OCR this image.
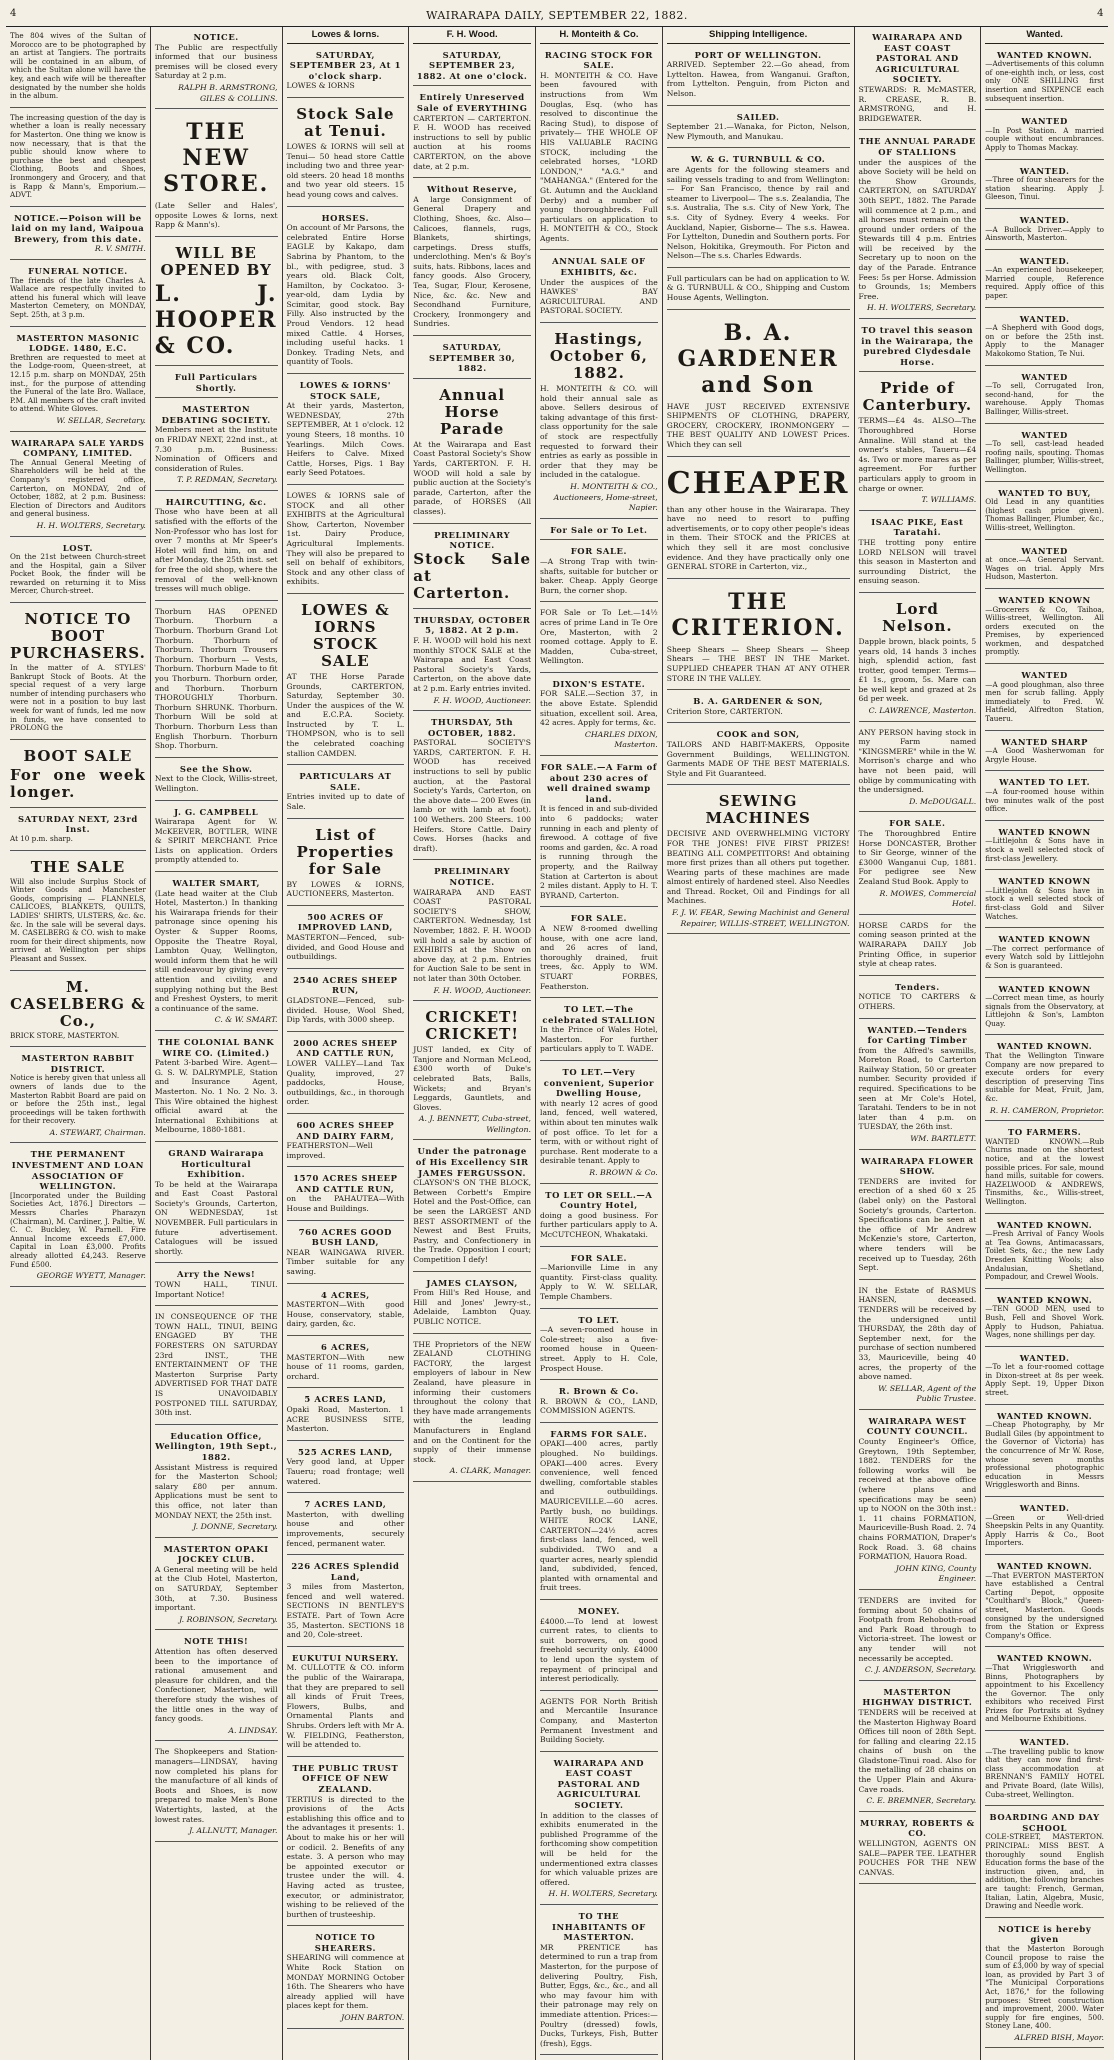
4	WAIRARAPA DAILY, SEPTEMBER 22, 1882.	4

The 804 wives of the Sultan of Morocco are to be photographed by an artist at Tangiers. The portraits will be contained in an album, of which the Sultan alone will have the key, and each wife will be thereafter designated by the number she holds in the album.

The increasing question of the day is whether a loan is really necessary for Masterton. One thing we know is now necessary, that is that the public should know where to purchase the best and cheapest Clothing, Boots and Shoes, Ironmongery and Grocery, and that is Rapp & Mann's, Emporium.—ADVT.

NOTICE.—Poison will be laid on my land, Waipoua Brewery, from this date.
R. V. SMITH.
FUNERAL NOTICE.

The friends of the late Charles A. Wallace are respectfully invited to attend his funeral which will leave Masterton Cemetery, on MONDAY, Sept. 25th, at 3 p.m.

MASTERTON MASONIC LODGE. 1480, E.C.

Brethren are requested to meet at the Lodge-room, Queen-street, at 12.15 p.m. sharp on MONDAY, 25th inst., for the purpose of attending the Funeral of the late Bro. Wallace, P.M. All members of the craft invited to attend. White Gloves.

W. SELLAR, Secretary.
WAIRARAPA SALE YARDS COMPANY, LIMITED.

The Annual General Meeting of Shareholders will be held at the Company's registered office, Carterton, on MONDAY, 2nd of October, 1882, at 2 p.m. Business: Election of Directors and Auditors and general business.

H. H. WOLTERS, Secretary.
LOST.

On the 21st between Church-street and the Hospital, gain a Silver Pocket Book, the finder will be rewarded on returning it to Miss Mercer, Church-street.

NOTICE TO BOOT PURCHASERS.

In the matter of A. STYLES' Bankrupt Stock of Boots. At the special request of a very large number of intending purchasers who were not in a position to buy last week for want of funds, led me now in funds, we have consented to PROLONG the

BOOT SALE

For one week longer.

SATURDAY NEXT, 23rd Inst.

At 10 p.m. sharp.

THE SALE

Will also include Surplus Stock of Winter Goods and Manchester Goods, comprising — FLANNELS, CALICOES, BLANKETS, QUILTS, LADIES' SHIRTS, ULSTERS, &c. &c. &c. In the sale will be several days. M. CASELBERG & CO. wish to make room for their direct shipments, now arrived at Wellington per ships Pleasant and Sussex.

M. CASELBERG & Co.,

BRICK STORE, MASTERTON.

MASTERTON RABBIT DISTRICT.

Notice is hereby given that unless all owners of lands due to the Masterton Rabbit Board are paid on or before the 25th inst., legal proceedings will be taken forthwith for their recovery.

A. STEWART, Chairman.
THE PERMANENT INVESTMENT AND LOAN ASSOCIATION OF WELLINGTON.

[Incorporated under the Building Societies Act, 1876.] Directors — Messrs Charles Pharazyn (Chairman), M. Cardiner, J. Paltie, W. C. C. Buckley, W. Parnell. Fire Annual Income exceeds £7,000. Capital in Loan £3,000. Profits already allotted £4,243. Reserve Fund £500.

GEORGE WYETT, Manager.
NOTICE.

The Public are respectfully informed that our business premises will be closed every Saturday at 2 p.m.

RALPH B. ARMSTRONG, GILES & COLLINS.
THE NEW STORE.

(Late Seller and Hales', opposite Lowes & Iorns, next Rapp & Mann's).

WILL BE OPENED BY

L. J. HOOPER & CO.

Full Particulars Shortly.
MASTERTON DEBATING SOCIETY.

Members meet at the Institute on FRIDAY NEXT, 22nd inst., at 7.30 p.m. Business: Nomination of Officers and consideration of Rules.

T. P. REDMAN, Secretary.
HAIRCUTTING, &c.

Those who have been at all satisfied with the efforts of the Non-Professor who has lost for over 7 months at Mr Speer's Hotel will find him, on and after Monday, the 25th inst. set for free the old shop, where the removal of the well-known tresses will much oblige.

Thorburn HAS OPENED Thorburn. Thorburn a Thorburn. Thorburn Grand Lot Thorburn. Thorburn of Thorburn. Thorburn Trousers Thorburn. Thorburn — Vests, Thorburn. Thorburn Made to fit you Thorburn. Thorburn order, and Thorburn. Thorburn THOROUGHLY Thorburn. Thorburn SHRUNK. Thorburn. Thorburn Will be sold at Thorburn. Thorburn Less than English Thorburn. Thorburn Shop. Thorburn.

See the Show.

Next to the Clock, Willis-street, Wellington.

J. G. CAMPBELL

Wairarapa Agent for W. McKEEVER, BOTTLER, WINE & SPIRIT MERCHANT. Price Lists on application. Orders promptly attended to.

WALTER SMART,

(Late head waiter at the Club Hotel, Masterton.) In thanking his Wairarapa friends for their patronage since opening his Oyster & Supper Rooms, Opposite the Theatre Royal, Lambton Quay, Wellington, would inform them that he will still endeavour by giving every attention and civility, and supplying nothing but the Best and Freshest Oysters, to merit a continuance of the same.

C. & W. SMART.
THE COLONIAL BANK WIRE CO. (Limited.)

Patent 3-barbed Wire. Agent—G. S. W. DALRYMPLE, Station and Insurance Agent, Masterton. No. 1 No. 2 No. 3. This Wire obtained the highest official award at the International Exhibitions at Melbourne, 1880-1881.

GRAND Wairarapa Horticultural Exhibition.

To be held at the Wairarapa and East Coast Pastoral Society's Grounds, Carterton, ON WEDNESDAY, 1st NOVEMBER. Full particulars in future advertisement. Catalogues will be issued shortly.

Arry the News!

TOWN HALL, TINUI. Important Notice!

IN CONSEQUENCE OF THE TOWN HALL, TINUI, BEING ENGAGED BY THE FORESTERS ON SATURDAY 23rd INST., THE ENTERTAINMENT OF THE Masterton Surprise Party ADVERTISED FOR THAT DATE IS UNAVOIDABLY POSTPONED TILL SATURDAY, 30th inst.

Education Office, Wellington, 19th Sept., 1882.

Assistant Mistress is required for the Masterton School; salary £80 per annum. Applications must be sent to this office, not later than MONDAY NEXT, the 25th inst.

J. DONNE, Secretary.
MASTERTON OPAKI JOCKEY CLUB.

A General meeting will be held at the Club Hotel, Masterton, on SATURDAY, September 30th, at 7.30. Business important.

J. ROBINSON, Secretary.
NOTE THIS!

Attention has often deserved been to the importance of rational amusement and pleasure for children, and the Confectioner, Masterton, will therefore study the wishes of the little ones in the way of fancy goods.

A. LINDSAY.

The Shopkeepers and Station-managers—LINDSAY, having now completed his plans for the manufacture of all kinds of Boots and Shoes, is now prepared to make Men's Bone Watertights, lasted, at the lowest rates.

J. ALLNUTT, Manager.
Lowes & Iorns.
SATURDAY, SEPTEMBER 23, At 1 o'clock sharp.

LOWES & IORNS

Stock Sale at Tenui.

LOWES & IORNS will sell at Tenui— 50 head store Cattle including two and three year-old steers. 20 head 18 months and two year old steers. 15 head young cows and calves.

HORSES.

On account of Mr Parsons, the celebrated Entire Horse EAGLE by Kakapo, dam Sabrina by Phantom, to the bl., with pedigree, stud. 3 years old. Black Colt, Hamilton, by Cockatoo. 3-year-old, dam Lydia by Scimitar, good stock. Bay Filly. Also instructed by the Proud Vendors. 12 head mixed Cattle. 4 Horses, including useful hacks. 1 Donkey. Trading Nets, and quantity of Tools.

LOWES & IORNS' STOCK SALE,

At their yards, Masterton, WEDNESDAY, 27th SEPTEMBER, At 1 o'clock. 12 young Steers, 18 months. 10 Yearlings. Milch Cows. Heifers to Calve. Mixed Cattle, Horses, Pigs. 1 Bay early Seed Potatoes.

LOWES & IORNS sale of STOCK and all other EXHIBITS at the Agricultural Show, Carterton, November 1st. Dairy Produce, Agricultural Implements. They will also be prepared to sell on behalf of exhibitors, Stock and any other class of exhibits.

LOWES & IORNS STOCK SALE

AT THE Horse Parade Grounds, CARTERTON, Saturday, September 30. Under the auspices of the W. and E.C.P.A. Society. Instructed by T. L. THOMPSON, who is to sell the celebrated coaching stallion CAMDEN.

PARTICULARS AT SALE.

Entries invited up to date of Sale.

List of Properties for Sale

BY LOWES & IORNS, AUCTIONEERS, Masterton.

500 ACRES OF IMPROVED LAND,

MASTERTON—Fenced, sub-divided, and Good House and outbuildings.

2540 ACRES SHEEP RUN,

GLADSTONE—Fenced, sub-divided. House, Wool Shed, Dip Yards, with 3000 sheep.

2000 ACRES SHEEP AND CATTLE RUN,

LOWER VALLEY—Land Tax Quality, improved, 27 paddocks, House, outbuildings, &c., in thorough order.

600 ACRES SHEEP AND DAIRY FARM,

FEATHERSTON—Well improved.

1570 ACRES SHEEP AND CATTLE RUN,

on the PAHAUTEA—With House and Buildings.

760 ACRES GOOD BUSH LAND,

NEAR WAINGAWA RIVER. Timber suitable for any sawing.

4 ACRES,

MASTERTON—With good House, conservatory, stable, dairy, garden, &c.

6 ACRES,

MASTERTON—With new house of 11 rooms, garden, orchard.

5 ACRES LAND,

Opaki Road, Masterton. 1 ACRE BUSINESS SITE, Masterton.

525 ACRES LAND,

Very good land, at Upper Taueru; road frontage; well watered.

7 ACRES LAND,

Masterton, with dwelling house and other improvements, securely fenced, permanent water.

226 ACRES Splendid Land,

3 miles from Masterton, fenced and well watered. SECTIONS IN BENTLEY'S ESTATE. Part of Town Acre 35, Masterton. SECTIONS 18 and 20, Cole-street.

EUKUTUI NURSERY.

M. CULLOTTE & CO. inform the public of the Wairarapa, that they are prepared to sell all kinds of Fruit Trees, Flowers, Bulbs, and Ornamental Plants and Shrubs. Orders left with Mr A. W. FIELDING, Featherston, will be attended to.

THE PUBLIC TRUST OFFICE OF NEW ZEALAND.

TERTIUS is directed to the provisions of the Acts establishing this office and to the advantages it presents: 1. About to make his or her will or codicil. 2. Benefits of any estate. 3. A person who may be appointed executor or trustee under the will. 4. Having acted as trustee, executor, or administrator, wishing to be relieved of the burthen of trusteeship.

NOTICE TO SHEARERS.

SHEARING will commence at White Rock Station on MONDAY MORNING October 16th. The Shearers who have already applied will have places kept for them.

JOHN BARTON.
F. H. Wood.
SATURDAY, SEPTEMBER 23, 1882. At one o'clock.
Entirely Unreserved Sale of EVERYTHING

CARTERTON — CARTERTON. F. H. WOOD has received instructions to sell by public auction at his rooms CARTERTON, on the above date, at 2 p.m.

Without Reserve,

A large Consignment of General Drapery and Clothing, Shoes, &c. Also— Calicoes, flannels, rugs, Blankets, shirtings, carpetings. Dress stuffs, underclothing. Men's & Boy's suits, hats. Ribbons, laces and fancy goods. Also Grocery, Tea, Sugar, Flour, Kerosene, Nice, &c. &c. New and Secondhand Furniture, Crockery, Ironmongery and Sundries.

SATURDAY, SEPTEMBER 30, 1882.
Annual Horse Parade

At the Wairarapa and East Coast Pastoral Society's Show Yards, CARTERTON. F. H. WOOD will hold a sale by public auction at the Society's parade, Carterton, after the parade, of HORSES (All classes).

PRELIMINARY NOTICE.

Stock Sale at Carterton.

THURSDAY, OCTOBER 5, 1882. At 2 p.m.

F. H. WOOD will hold his next monthly STOCK SALE at the Wairarapa and East Coast Pastoral Society's Yards, Carterton, on the above date at 2 p.m. Early entries invited.

F. H. WOOD, Auctioneer.
THURSDAY, 5th OCTOBER, 1882.

PASTORAL SOCIETY'S YARDS, CARTERTON. F. H. WOOD has received instructions to sell by public auction, at the Pastoral Society's Yards, Carterton, on the above date— 200 Ewes (in lamb or with lamb at foot). 100 Wethers. 200 Steers. 100 Heifers. Store Cattle. Dairy Cows. Horses (hacks and draft).

PRELIMINARY NOTICE.

WAIRARAPA AND EAST COAST PASTORAL SOCIETY'S SHOW, CARTERTON. Wednesday, 1st November, 1882. F. H. WOOD will hold a sale by auction of EXHIBITS at the Show on above day, at 2 p.m. Entries for Auction Sale to be sent in not later than 30th October.

F. H. WOOD, Auctioneer.
CRICKET! CRICKET!

JUST landed, ex City of Tanjore and Norman McLeod, £300 worth of Duke's celebrated Bats, Balls, Wickets; and Bryan's Leggards, Gauntlets, and Gloves.

A. J. BENNETT, Cuba-street, Wellington.
Under the patronage of His Excellency SIR JAMES FERGUSSON.

CLAYSON'S ON THE BLOCK, Between Corbett's Empire Hotel and the Post-Office, can be seen the LARGEST AND BEST ASSORTMENT of the Newest and Best Fruits, Pastry, and Confectionery in the Trade. Opposition I court; Competition I defy!

JAMES CLAYSON,

From Hill's Red House, and Hill and Jones' Jewry-st., Adelaide, Lambton Quay. PUBLIC NOTICE.

THE Proprietors of the NEW ZEALAND CLOTHING FACTORY, the largest employers of labour in New Zealand, have pleasure in informing their customers throughout the colony that they have made arrangements with the leading Manufacturers in England and on the Continent for the supply of their immense stock.

A. CLARK, Manager.
H. Monteith & Co.
RACING STOCK FOR SALE.

H. MONTEITH & CO. Have been favoured with instructions from Wm Douglas, Esq. (who has resolved to discontinue the Racing Stud), to dispose of privately— THE WHOLE OF HIS VALUABLE RACING STOCK, including the celebrated horses, "LORD LONDON," "A.G." and "MAHANGA." (Entered for the Gt. Autumn and the Auckland Derby) and a number of young thoroughbreds. Full particulars on application to H. MONTEITH & CO., Stock Agents.

ANNUAL SALE OF EXHIBITS, &c.

Under the auspices of the HAWKES' BAY AGRICULTURAL AND PASTORAL SOCIETY.

Hastings, October 6, 1882.

H. MONTEITH & CO. will hold their annual sale as above. Sellers desirous of taking advantage of this first-class opportunity for the sale of stock are respectfully requested to forward their entries as early as possible in order that they may be included in the catalogue.

H. MONTEITH & CO., Auctioneers, Home-street, Napier.
For Sale or To Let.
FOR SALE.

—A Strong Trap with twin-shafts, suitable for butcher or baker. Cheap. Apply George Burn, the corner shop.

FOR Sale or To Let.—14½ acres of prime Land in Te Ore Ore, Masterton, with 2 roomed cottage. Apply to E. Madden, Cuba-street, Wellington.

DIXON'S ESTATE.

FOR SALE.—Section 37, in the above Estate. Splendid situation, excellent soil. Area, 42 acres. Apply for terms, &c.

CHARLES DIXON, Masterton.
FOR SALE.—A Farm of about 230 acres of well drained swamp land.

It is fenced in and sub-divided into 6 paddocks; water running in each and plenty of firewood. A cottage of five rooms and garden, &c. A road is running through the property, and the Railway Station at Carterton is about 2 miles distant. Apply to H. T. BYRAND, Carterton.

FOR SALE.

A NEW 8-roomed dwelling house, with one acre land, and 26 acres of land, thoroughly drained, fruit trees, &c. Apply to WM. STUART FORBES, Featherston.

TO LET.—The celebrated STALLION

In the Prince of Wales Hotel, Masterton. For further particulars apply to T. WADE.

TO LET.—Very convenient, Superior Dwelling House,

with nearly 12 acres of good land, fenced, well watered, within about ten minutes walk of post office. To let for a term, with or without right of purchase. Rent moderate to a desirable tenant. Apply to

R. BROWN & Co.
TO LET OR SELL.—A Country Hotel,

doing a good business. For further particulars apply to A. McCUTCHEON, Whakataki.

FOR SALE.

—Marionville Lime in any quantity. First-class quality. Apply to W. W. SELLAR, Temple Chambers.

TO LET.

—A seven-roomed house in Cole-street; also a five-roomed house in Queen-street. Apply to H. Cole, Prospect House.

R. Brown & Co.

R. BROWN & CO., LAND, COMMISSION AGENTS.

FARMS FOR SALE.

OPAKI—400 acres, partly ploughed. No buildings. OPAKI—400 acres. Every convenience, well fenced dwelling, comfortable stables and outbuildings. MAURICEVILLE.—60 acres. Partly bush, no buildings. WHITE ROCK LANE, CARTERTON—24½ acres first-class land, fenced, well subdivided. TWO and a quarter acres, nearly splendid land, subdivided, fenced, planted with ornamental and fruit trees.

MONEY.

£4000.—To lend at lowest current rates, to clients to suit borrowers, on good freehold security only. £4000 to lend upon the system of repayment of principal and interest periodically.

AGENTS FOR North British and Mercantile Insurance Company, and Masterton Permanent Investment and Building Society.

WAIRARAPA AND EAST COAST PASTORAL AND AGRICULTURAL SOCIETY.

In addition to the classes of exhibits enumerated in the published Programme of the forthcoming show competition will be held for the undermentioned extra classes for which valuable prizes are offered.

H. H. WOLTERS, Secretary.
TO THE INHABITANTS OF MASTERTON.

MR PRENTICE has determined to run a trap from Masterton, for the purpose of delivering Poultry, Fish, Butter, Eggs, &c., &c., and all who may favour him with their patronage may rely on immediate attention. Prices:— Poultry (dressed) fowls, Ducks, Turkeys, Fish, Butter (fresh), Eggs.

Shipping Intelligence.
PORT OF WELLINGTON.

ARRIVED. September 22.—Go ahead, from Lyttelton. Hawea, from Wanganui. Grafton, from Lyttelton. Penguin, from Picton and Nelson.

SAILED.

September 21.—Wanaka, for Picton, Nelson, New Plymouth, and Manukau.

W. & G. TURNBULL & CO.

are Agents for the following steamers and sailing vessels trading to and from Wellington:— For San Francisco, thence by rail and steamer to Liverpool— The s.s. Zealandia, The s.s. Australia, The s.s. City of New York, The s.s. City of Sydney. Every 4 weeks. For Auckland, Napier, Gisborne— The s.s. Hawea. For Lyttelton, Dunedin and Southern ports. For Nelson, Hokitika, Greymouth. For Picton and Nelson—The s.s. Charles Edwards.

Full particulars can be had on application to W. & G. TURNBULL & CO., Shipping and Custom House Agents, Wellington.

B. A. GARDENER and Son

HAVE JUST RECEIVED EXTENSIVE SHIPMENTS OF CLOTHING, DRAPERY, GROCERY, CROCKERY, IRONMONGERY — THE BEST QUALITY AND LOWEST Prices. Which they can sell

CHEAPER

than any other house in the Wairarapa. They have no need to resort to puffing advertisements, or to copy other people's ideas in them. Their STOCK and the PRICES at which they sell it are most conclusive evidence. And they have practically only one GENERAL STORE in Carterton, viz.,

THE CRITERION.

Sheep Shears — Sheep Shears — Sheep Shears — THE BEST IN THE Market. SUPPLIED CHEAPER THAN AT ANY OTHER STORE IN THE VALLEY.

B. A. GARDENER & SON,

Criterion Store, CARTERTON.

COOK and SON,

TAILORS AND HABIT-MAKERS, Opposite Government Buildings, WELLINGTON. Garments MADE OF THE BEST MATERIALS. Style and Fit Guaranteed.

SEWING MACHINES

DECISIVE AND OVERWHELMING VICTORY FOR THE JONES! FIVE FIRST PRIZES! BEATING ALL COMPETITORS! And obtaining more first prizes than all others put together. Wearing parts of these machines are made almost entirely of hardened steel. Also Needles and Thread. Rocket, Oil and Findings for all Machines.

F. J. W. FEAR, Sewing Machinist and General Repairer, WILLIS-STREET, WELLINGTON.
WAIRARAPA AND EAST COAST PASTORAL AND AGRICULTURAL SOCIETY.

STEWARDS: R. McMASTER, R. CREASE, R. B. ARMSTRONG, and H. BRIDGEWATER.

THE ANNUAL PARADE OF STALLIONS

under the auspices of the above Society will be held on the Show Grounds, CARTERTON, on SATURDAY 30th SEPT., 1882. The Parade will commence at 2 p.m., and all horses must remain on the ground under orders of the Stewards till 4 p.m. Entries will be received by the Secretary up to noon on the day of the Parade. Entrance Fees: 5s per Horse. Admission to Grounds, 1s; Members Free.

H. H. WOLTERS, Secretary.
TO travel this season in the Wairarapa, the purebred Clydesdale Horse.
Pride of Canterbury.

TERMS—£4 4s. ALSO—The Thoroughbred Horse Annaline. Will stand at the owner's stables, Taueru—£4 4s. Two or more mares as per agreement. For further particulars apply to groom in charge or owner.

T. WILLIAMS.
ISAAC PIKE, East Taratahi.

THE trotting pony entire LORD NELSON will travel this season in Masterton and surrounding District, the ensuing season.

Lord Nelson.

Dapple brown, black points, 5 years old, 14 hands 3 inches high, splendid action, fast trotter, good temper. Terms—£1 1s., groom, 5s. Mare can be well kept and grazed at 2s 6d per week.

C. LAWRENCE, Masterton.

ANY PERSON having stock in my Farm named "KINGSMERE" while in the W. Morrison's charge and who have not been paid, will oblige by communicating with the undersigned.

D. McDOUGALL.
FOR SALE.

The Thoroughbred Entire Horse DONCASTER, Brother to Sir George, winner of the £3000 Wanganui Cup, 1881. For pedigree see New Zealand Stud Book. Apply to

R. MOWES, Commercial Hotel.

HORSE CARDS for the coming season printed at the WAIRARAPA DAILY Job Printing Office, in superior style at cheap rates.

Tenders.

NOTICE TO CARTERS & OTHERS.

WANTED.—Tenders for Carting Timber

from the Alfred's sawmills, Moreton Road, to Carterton Railway Station, 50 or greater number. Security provided if required. Specifications to be seen at Mr Cole's Hotel, Taratahi. Tenders to be in not later than 4 p.m. on TUESDAY, the 26th inst.

WM. BARTLETT.
WAIRARAPA FLOWER SHOW.

TENDERS are invited for erection of a shed 60 x 25 (label only) on the Pastoral Society's grounds, Carterton. Specifications can be seen at the office of Mr Andrew McKenzie's store, Carterton, where tenders will be received up to Tuesday, 26th Sept.

IN the Estate of RASMUS HANSEN, deceased. TENDERS will be received by the undersigned until THURSDAY, the 28th day of September next, for the purchase of section numbered 33, Mauriceville, being 40 acres, the property of the above named.

W. SELLAR, Agent of the Public Trustee.
WAIRARAPA WEST COUNTY COUNCIL.

County Engineer's Office, Greytown, 19th September, 1882. TENDERS for the following works will be received at the above office (where plans and specifications may be seen) up to NOON on the 30th inst.: 1. 11 chains FORMATION, Mauriceville-Bush Road. 2. 74 chains FORMATION, Draper's Rock Road. 3. 68 chains FORMATION, Hauora Road.

JOHN KING, County Engineer.

TENDERS are invited for forming about 50 chains of Footpath from Rehoboth-road and Park Road through to Victoria-street. The lowest or any tender will not necessarily be accepted.

C. J. ANDERSON, Secretary.
MASTERTON HIGHWAY DISTRICT.

TENDERS will be received at the Masterton Highway Board Offices till noon of 28th Sept. for falling and clearing 22.15 chains of bush on the Gladstone-Tinui road. Also for the metalling of 28 chains on the Upper Plain and Akura-Cave roads.

C. E. BREMNER, Secretary.
MURRAY, ROBERTS & CO.

WELLINGTON, AGENTS ON SALE—PAPER TEE. LEATHER POUCHES FOR THE NEW CANVAS.

Wanted.
WANTED KNOWN.

—Advertisements of this column of one-eighth inch, or less, cost only ONE SHILLING first insertion and SIXPENCE each subsequent insertion.

WANTED

—In Post Station. A married couple without encumbrances. Apply to Thomas Mackay.

WANTED.

—Three of four shearers for the station shearing. Apply J. Gleeson, Tinui.

WANTED.

—A Bullock Driver.—Apply to Ainsworth, Masterton.

WANTED.

—An experienced housekeeper, Married couple, Reference required. Apply office of this paper.

WANTED.

—A Shepherd with Good dogs, on or before the 25th inst. Apply to the Manager Makokomo Station, Te Nui.

WANTED

—To sell, Corrugated Iron, second-hand, for the warehouse. Apply Thomas Ballinger, Willis-street.

WANTED

—To sell, cast-lead headed roofing nails, spouting. Thomas Ballinger, plumber, Willis-street, Wellington.

WANTED TO BUY,

Old Lead in any quantities (highest cash price given). Thomas Ballinger, Plumber, &c., Willis-street, Wellington.

WANTED

at once.—A General Servant. Wages on trial. Apply Mrs Hudson, Masterton.

WANTED KNOWN

—Grocerers & Co, Taihoa, Willis-street, Wellington. All orders executed on the Premises, by experienced workmen, and despatched promptly.

WANTED

—A good ploughman, also three men for scrub falling. Apply immediately to Fred. W. Hatfield, Alfredton Station, Taueru.

WANTED SHARP

—A Good Washerwoman for Argyle House.

WANTED TO LET.

—A four-roomed house within two minutes walk of the post office.

WANTED KNOWN

—Littlejohn & Sons have in stock a well selected stock of first-class Jewellery.

WANTED KNOWN

—Littlejohn & Sons have in stock a well selected stock of first-class Gold and Silver Watches.

WANTED KNOWN

—The correct performance of every Watch sold by Littlejohn & Son is guaranteed.

WANTED KNOWN

—Correct mean time, as hourly signals from the Observatory, at Littlejohn & Son's, Lambton Quay.

WANTED KNOWN.

That the Wellington Tinware Company are now prepared to execute orders for every description of preserving Tins suitable for Meat, Fruit, Jam, &c.

R. H. CAMERON, Proprietor.
TO FARMERS.

WANTED KNOWN.—Rub Churns made on the shortest notice, and at the lowest possible prices. For sale, mound hand mills, suitable for cowers. HAZELWOOD & ANDREWS, Tinsmiths, &c., Willis-street, Wellington.

WANTED KNOWN.

—Fresh Arrival of Fancy Wools at Tea Gowns, Antimacassars, Toilet Sets, &c.; the new Lady Dresden Knitting Wools; also Andalusian, Shetland, Pompadour, and Crewel Wools.

WANTED KNOWN.

—TEN GOOD MEN, used to Bush, Fell and Shovel Work. Apply to Hudson, Pahiatua. Wages, none shillings per day.

WANTED.

—To let a four-roomed cottage in Dixon-street at 8s per week. Apply Sept. 19, Upper Dixon street.

WANTED KNOWN.

—Cheap Photography, by Mr Budlall Giles (by appointment to the Governor of Victoria) has the concurrence of Mr W. Rose, whose seven months professional photographic education in Messrs Wrigglesworth and Binns.

WANTED.

—Green or Well-dried Sheepskin Pelts in any Quantity. Apply Harris & Co., Boot Importers.

WANTED KNOWN.

—That EVERTON MASTERTON have established a Central Carting Depot, opposite "Coulthard's Block," Queen-street, Masterton. Goods consigned by the undersigned from the Station or Express Company's Office.

WANTED KNOWN.

—That Wrigglesworth and Binns, Photographers by appointment to his Excellency the Governor. The only exhibitors who received First Prizes for Portraits at Sydney and Melbourne Exhibitions.

WANTED.

—The travelling public to know that they can now find first-class accommodation at BRENNAN'S FAMILY HOTEL and Private Board, (late Wills), Cuba-street, Wellington.

BOARDING AND DAY SCHOOL

COLE-STREET, MASTERTON. PRINCIPAL: MISS BEST. A thoroughly sound English Education forms the base of the instruction given, and, in addition, the following branches are taught: French, German, Italian, Latin, Algebra, Music, Drawing and Needle work.

NOTICE is hereby given

that the Masterton Borough Council propose to raise the sum of £3,000 by way of special loan, as provided by Part 3 of "The Municipal Corporations Act, 1876," for the following purposes: Street construction and improvement, 2000. Water supply for fire engines, 500. Stoney Lane, 400.

ALFRED BISH, Mayor.
